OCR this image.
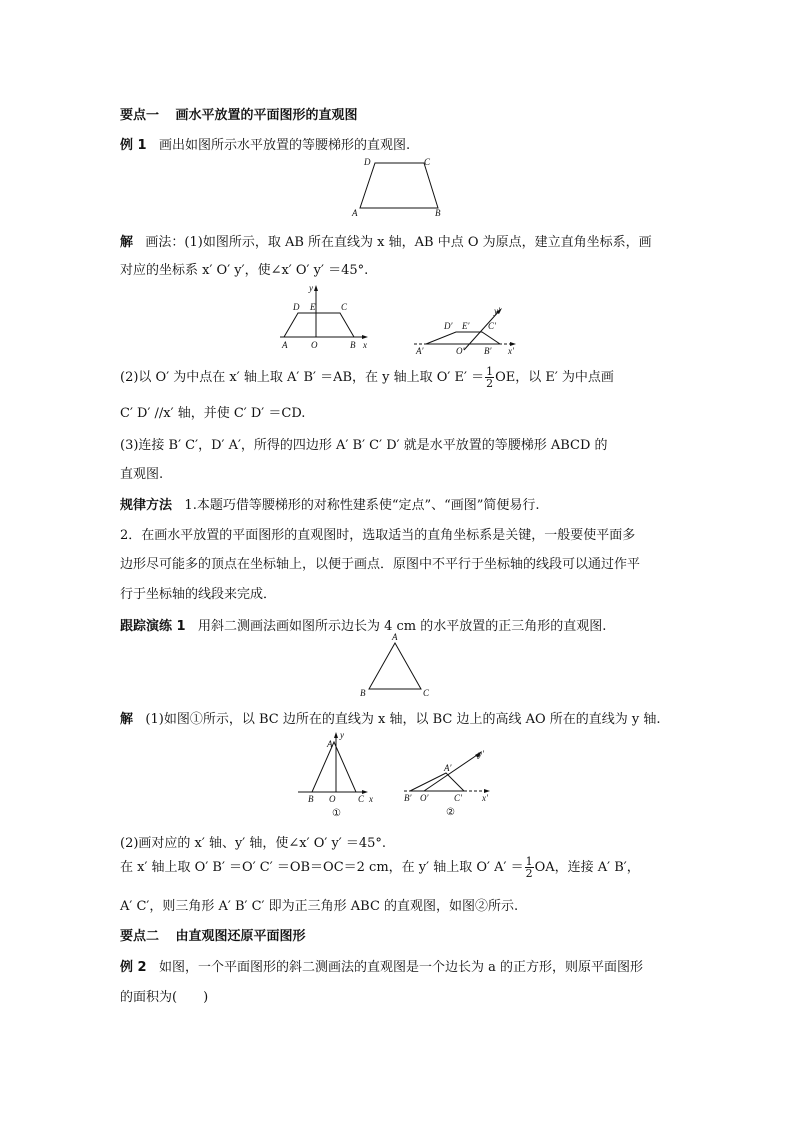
要点一 画水平放置的平面图形的直观图
例 1 画出如图所示水平放置的等腰梯形的直观图.
D	C
A	B
解 画法：(1)如图所示，取 AB 所在直线为 x 轴，AB 中点 O 为原点，建立直角坐标系，画
对应的坐标系 x′ O′ y′，使∠x′ O′ y′ ＝45°.
y
D E	C
A	O	B x
y′
D′ E′ C′
A′	O′ B′ x′
(2)以 O′ 为中点在 x′ 轴上取 A′ B′ ＝AB，在 y 轴上取 O′ $E' = \frac{1}{2}$ OE，以 E′ 为中点画
C′ D′ //x′ 轴，并使 C′ D′ ＝CD.
(3)连接 B′ C′，D′ A′，所得的四边形 A′ B′ C′ D′ 就是水平放置的等腰梯形 ABCD 的
直观图.
规律方法 1.本题巧借等腰梯形的对称性建系使“定点”、“画图”简便易行.
2．在画水平放置的平面图形的直观图时，选取适当的直角坐标系是关键，一般要使平面多
边形尽可能多的顶点在坐标轴上，以便于画点．原图中不平行于坐标轴的线段可以通过作平
行于坐标轴的线段来完成．
跟踪演练 1 用斜二测画法画如图所示边长为 4 cm 的水平放置的正三角形的直观图.
A
B	C
解 (1)如图①所示，以 BC 边所在的直线为 x 轴，以 BC 边上的高线 AO 所在的直线为 y 轴.
A
y
B O	C x
①
y′
A′
B′ O′	C′ x′
②
(2)画对应的 x′ 轴、y′ 轴，使∠x′ O′ y′ ＝45°.
在 x′ 轴上取 O′ B′ ＝O′ C′ ＝OB＝OC＝2 cm，在 y′ 轴上取 O′ $A' = \frac{1}{2}$ OA，连接 A′ B′，
A′ C′，则三角形 A′ B′ C′ 即为正三角形 ABC 的直观图，如图②所示.
要点二 由直观图还原平面图形
例 2 如图，一个平面图形的斜二测画法的直观图是一个边长为 a 的正方形，则原平面图形
的面积为(　　)
